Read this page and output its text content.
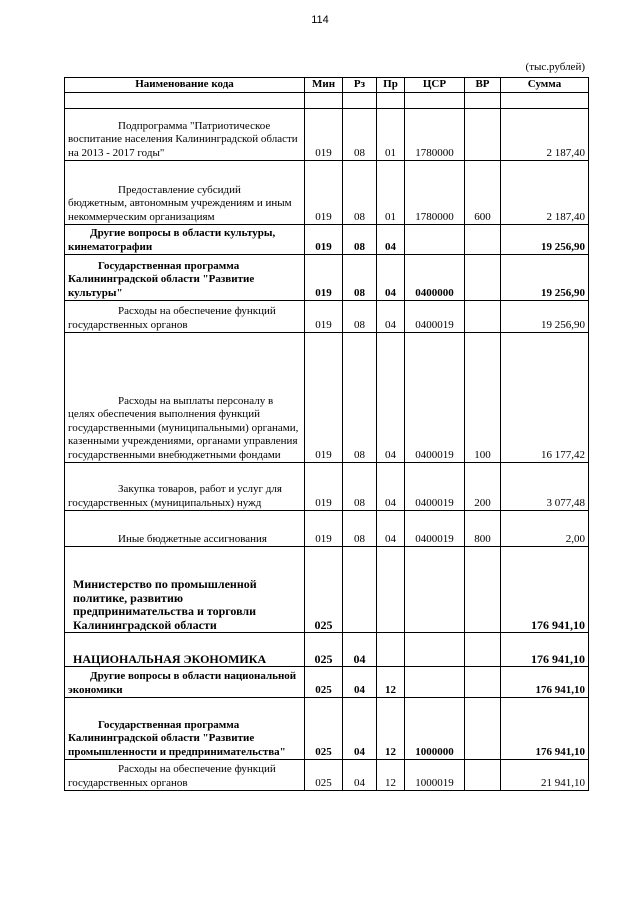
114
(тыс.рублей)
Наименование кода	Мин	Рз	Пр	ЦСР	ВР	Сумма

Подпрограмма "Патриотическое воспитание населения Калининградской области на 2013 - 2017 годы"	019	08	01	1780000		2 187,40
Предоставление субсидий бюджетным, автономным учреждениям и иным некоммерческим организациям	019	08	01	1780000	600	2 187,40
Другие вопросы в области культуры, кинематографии	019	08	04			19 256,90
Государственная программа Калининградской области "Развитие культуры"	019	08	04	0400000		19 256,90
Расходы на обеспечение функций государственных органов	019	08	04	0400019		19 256,90
Расходы на выплаты персоналу в целях обеспечения выполнения функций государственными (муниципальными) органами, казенными учреждениями, органами управления государственными внебюджетными фондами	019	08	04	0400019	100	16 177,42
Закупка товаров, работ и услуг для государственных (муниципальных) нужд	019	08	04	0400019	200	3 077,48
Иные бюджетные ассигнования	019	08	04	0400019	800	2,00
Министерство по промышленной политике, развитию предпринимательства и торговли Калининградской области	025					176 941,10
НАЦИОНАЛЬНАЯ ЭКОНОМИКА	025	04				176 941,10
Другие вопросы в области национальной экономики	025	04	12			176 941,10
Государственная программа Калининградской области "Развитие промышленности и предпринимательства"	025	04	12	1000000		176 941,10
Расходы на обеспечение функций государственных органов	025	04	12	1000019		21 941,10
